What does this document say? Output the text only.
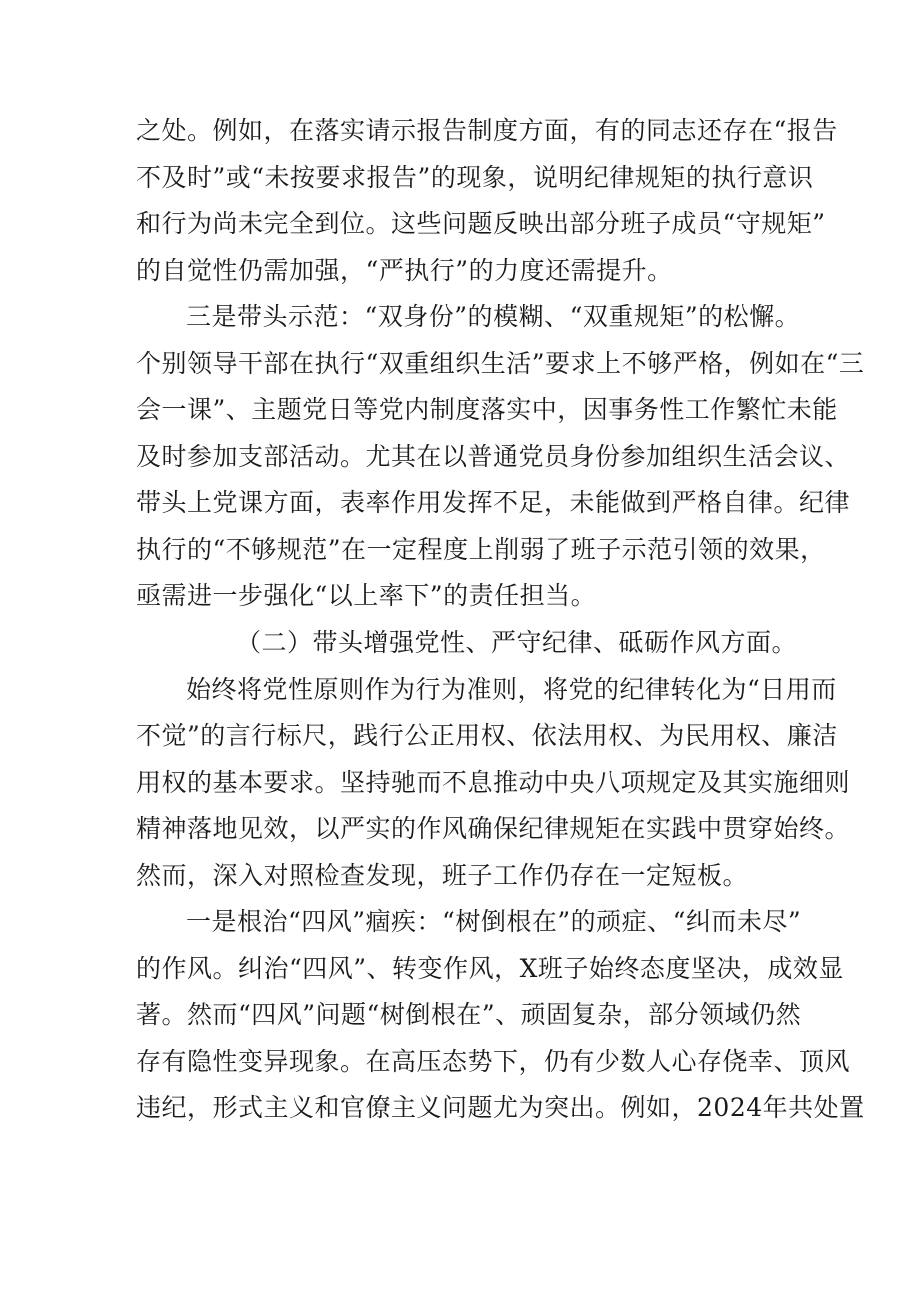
之处。例如，在落实请示报告制度方面，有的同志还存在“报告
不及时”或“未按要求报告”的现象，说明纪律规矩的执行意识
和行为尚未完全到位。这些问题反映出部分班子成员“守规矩”
的自觉性仍需加强，“严执行”的力度还需提升。
三是带头示范：“双身份”的模糊、“双重规矩”的松懈。
个别领导干部在执行“双重组织生活”要求上不够严格，例如在“三
会一课”、主题党日等党内制度落实中，因事务性工作繁忙未能
及时参加支部活动。尤其在以普通党员身份参加组织生活会议、
带头上党课方面，表率作用发挥不足，未能做到严格自律。纪律
执行的“不够规范”在一定程度上削弱了班子示范引领的效果，
亟需进一步强化“以上率下”的责任担当。
（二）带头增强党性、严守纪律、砥砺作风方面。
始终将党性原则作为行为准则，将党的纪律转化为“日用而
不觉”的言行标尺，践行公正用权、依法用权、为民用权、廉洁
用权的基本要求。坚持驰而不息推动中央八项规定及其实施细则
精神落地见效，以严实的作风确保纪律规矩在实践中贯穿始终。
然而，深入对照检查发现，班子工作仍存在一定短板。
一是根治“四风”痼疾：“树倒根在”的顽症、“纠而未尽”
的作风。纠治“四风”、转变作风，X班子始终态度坚决，成效显
著。然而“四风”问题“树倒根在”、顽固复杂，部分领域仍然
存有隐性变异现象。在高压态势下，仍有少数人心存侥幸、顶风
违纪，形式主义和官僚主义问题尤为突出。例如，2024年共处置
